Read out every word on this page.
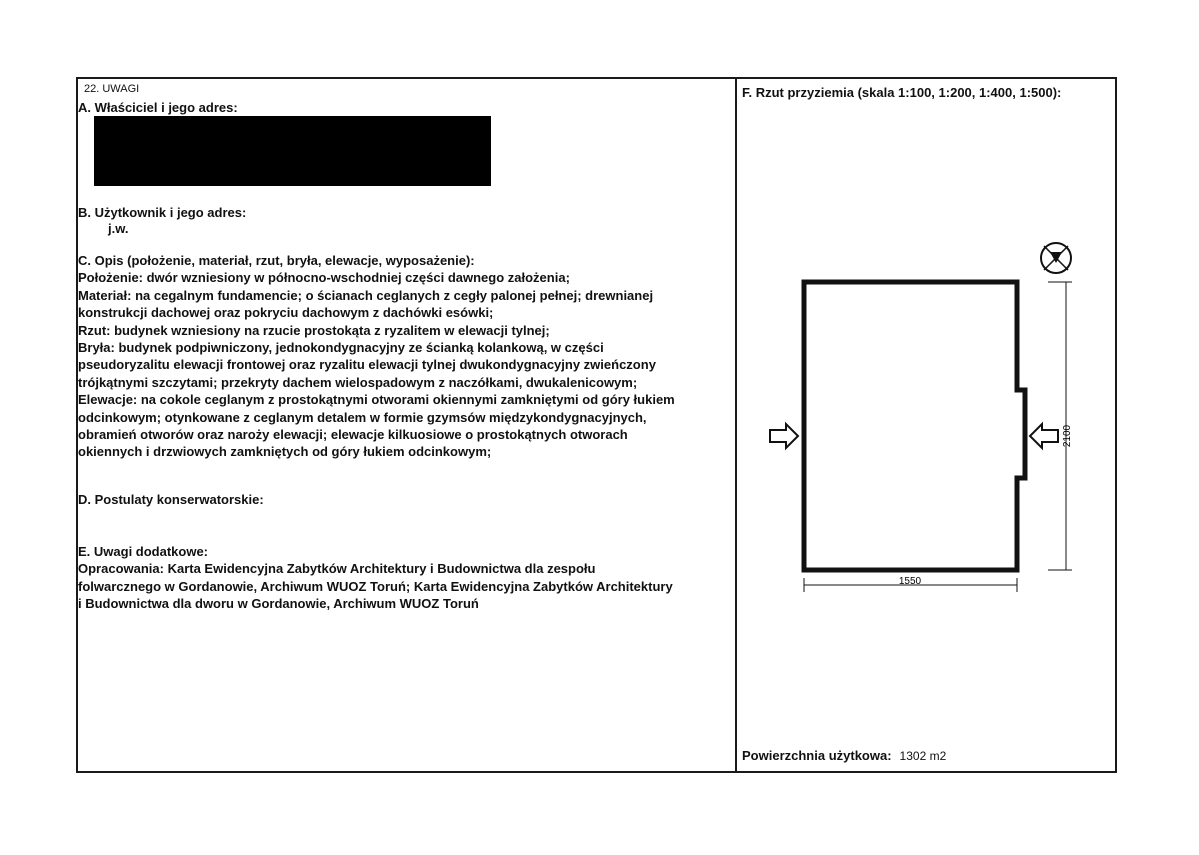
22. UWAGI
A. Właściciel i jego adres:
B. Użytkownik i jego adres:
j.w.
C. Opis (położenie, materiał, rzut, bryła, elewacje, wyposażenie):
Położenie: dwór wzniesiony w północno-wschodniej części dawnego założenia;
Materiał: na cegalnym fundamencie; o ścianach ceglanych z cegły palonej pełnej; drewnianej
konstrukcji dachowej oraz pokryciu dachowym z dachówki esówki;
Rzut: budynek wzniesiony na rzucie prostokąta z ryzalitem w elewacji tylnej;
Bryła: budynek podpiwniczony, jednokondygnacyjny ze ścianką kolankową, w części
pseudoryzalitu elewacji frontowej oraz ryzalitu elewacji tylnej dwukondygnacyjny zwieńczony
trójkątnymi szczytami; przekryty dachem wielospadowym z naczółkami, dwukalenicowym;
Elewacje: na cokole ceglanym z prostokątnymi otworami okiennymi zamkniętymi od góry łukiem
odcinkowym; otynkowane z ceglanym detalem w formie gzymsów międzykondygnacyjnych,
obramień otworów oraz naroży elewacji; elewacje kilkuosiowe o prostokątnych otworach
okiennych i drzwiowych zamkniętych od góry łukiem odcinkowym;
D. Postulaty konserwatorskie:
E. Uwagi dodatkowe:
Opracowania: Karta Ewidencyjna Zabytków Architektury i Budownictwa dla zespołu
folwarcznego w Gordanowie, Archiwum WUOZ Toruń; Karta Ewidencyjna Zabytków Architektury
i Budownictwa dla dworu w Gordanowie, Archiwum WUOZ Toruń
F. Rzut przyziemia (skala 1:100, 1:200, 1:400, 1:500):
2100
1550
Powierzchnia użytkowa: 1302 m2
